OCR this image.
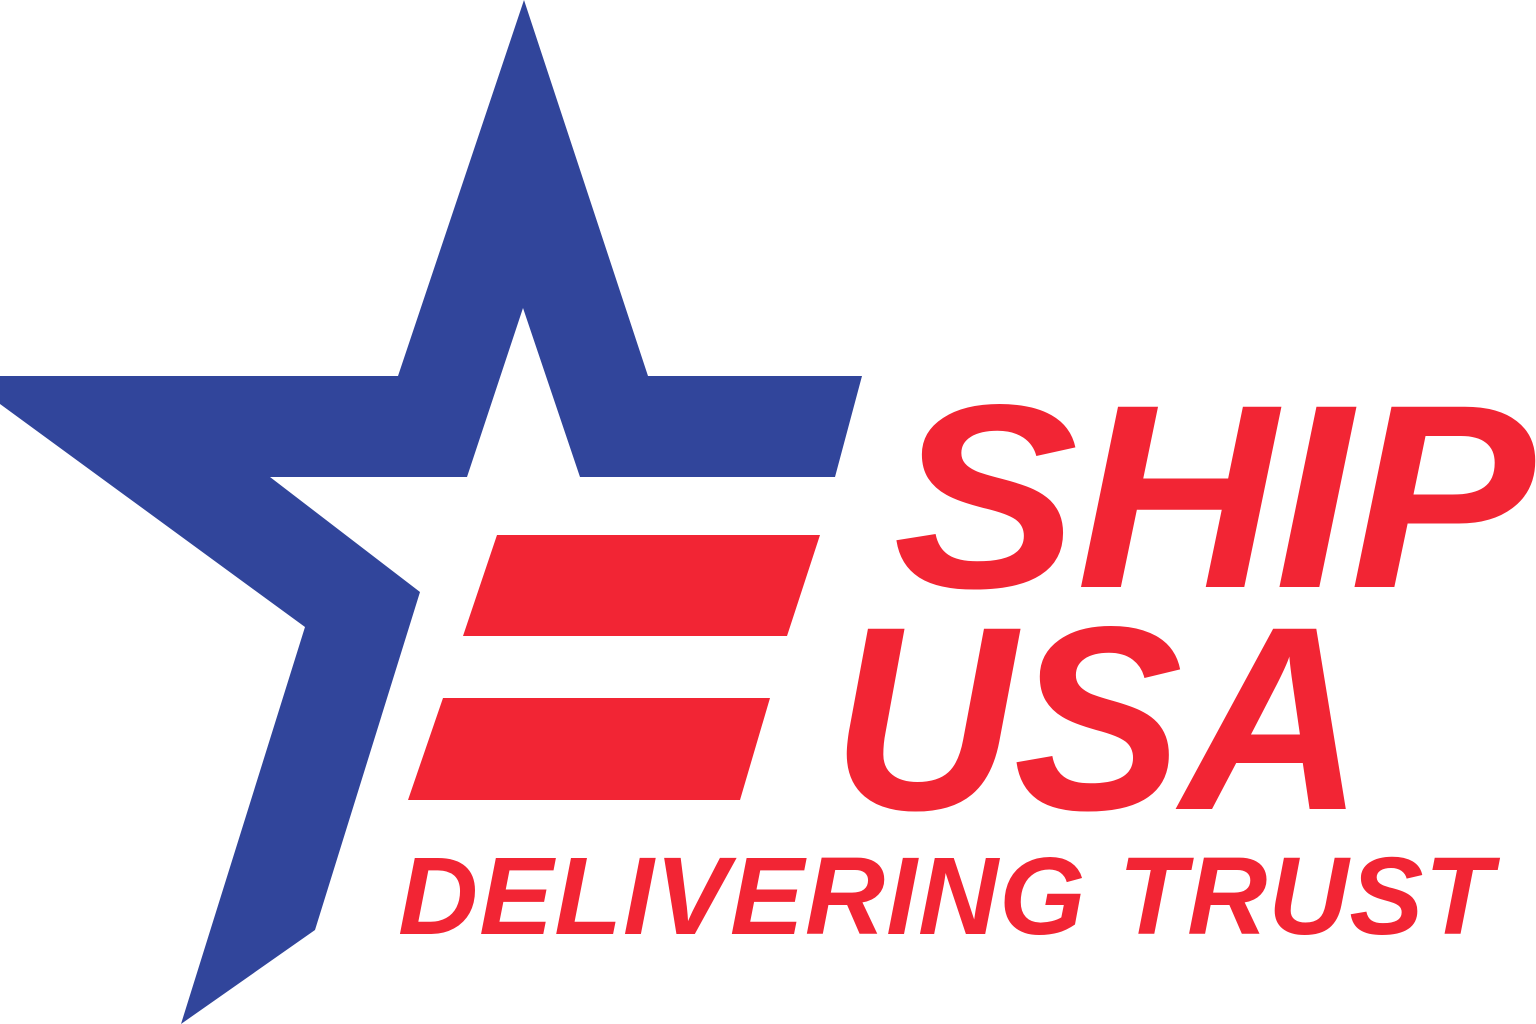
SHIP
USA
DELIVERING TRUST
